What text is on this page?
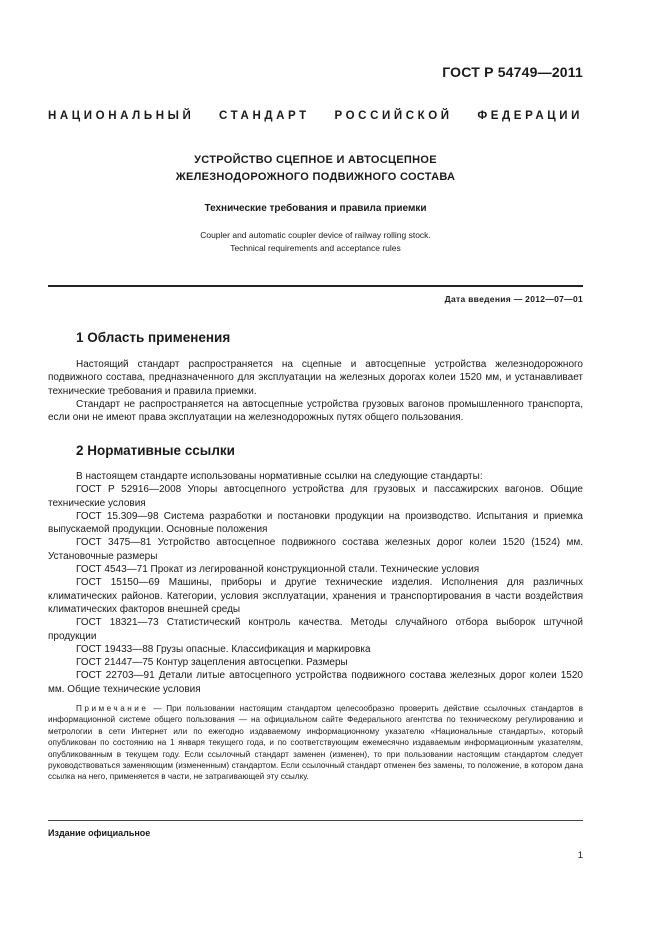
ГОСТ Р 54749—2011
НАЦИОНАЛЬНЫЙ СТАНДАРТ РОССИЙСКОЙ ФЕДЕРАЦИИ
УСТРОЙСТВО СЦЕПНОЕ И АВТОСЦЕПНОЕ
ЖЕЛЕЗНОДОРОЖНОГО ПОДВИЖНОГО СОСТАВА
Технические требования и правила приемки
Coupler and automatic coupler device of railway rolling stock.
Technical requirements and acceptance rules
Дата введения — 2012—07—01
1 Область применения

Настоящий стандарт распространяется на сцепные и автосцепные устройства железнодорожного подвижного состава, предназначенного для эксплуатации на железных дорогах колеи 1520 мм, и устанавливает технические требования и правила приемки.

Стандарт не распространяется на автосцепные устройства грузовых вагонов промышленного транспорта, если они не имеют права эксплуатации на железнодорожных путях общего пользования.

2 Нормативные ссылки

В настоящем стандарте использованы нормативные ссылки на следующие стандарты:

ГОСТ Р 52916—2008 Упоры автосцепного устройства для грузовых и пассажирских вагонов. Общие технические условия

ГОСТ 15.309—98 Система разработки и постановки продукции на производство. Испытания и приемка выпускаемой продукции. Основные положения

ГОСТ 3475—81 Устройство автосцепное подвижного состава железных дорог колеи 1520 (1524) мм. Установочные размеры

ГОСТ 4543—71 Прокат из легированной конструкционной стали. Технические условия

ГОСТ 15150—69 Машины, приборы и другие технические изделия. Исполнения для различных климатических районов. Категории, условия эксплуатации, хранения и транспортирования в части воздействия климатических факторов внешней среды

ГОСТ 18321—73 Статистический контроль качества. Методы случайного отбора выборок штучной продукции

ГОСТ 19433—88 Грузы опасные. Классификация и маркировка

ГОСТ 21447—75 Контур зацепления автосцепки. Размеры

ГОСТ 22703—91 Детали литые автосцепного устройства подвижного состава железных дорог колеи 1520 мм. Общие технические условия

Примечание — При пользовании настоящим стандартом целесообразно проверить действие ссылочных стандартов в информационной системе общего пользования — на официальном сайте Федерального агентства по техническому регулированию и метрологии в сети Интернет или по ежегодно издаваемому информационному указателю «Национальные стандарты», который опубликован по состоянию на 1 января текущего года, и по соответствующим ежемесячно издаваемым информационным указателям, опубликованным в текущем году. Если ссылочный стандарт заменен (изменен), то при пользовании настоящим стандартом следует руководствоваться заменяющим (измененным) стандартом. Если ссылочный стандарт отменен без замены, то положение, в котором дана ссылка на него, применяется в части, не затрагивающей эту ссылку.

Издание официальное
1
